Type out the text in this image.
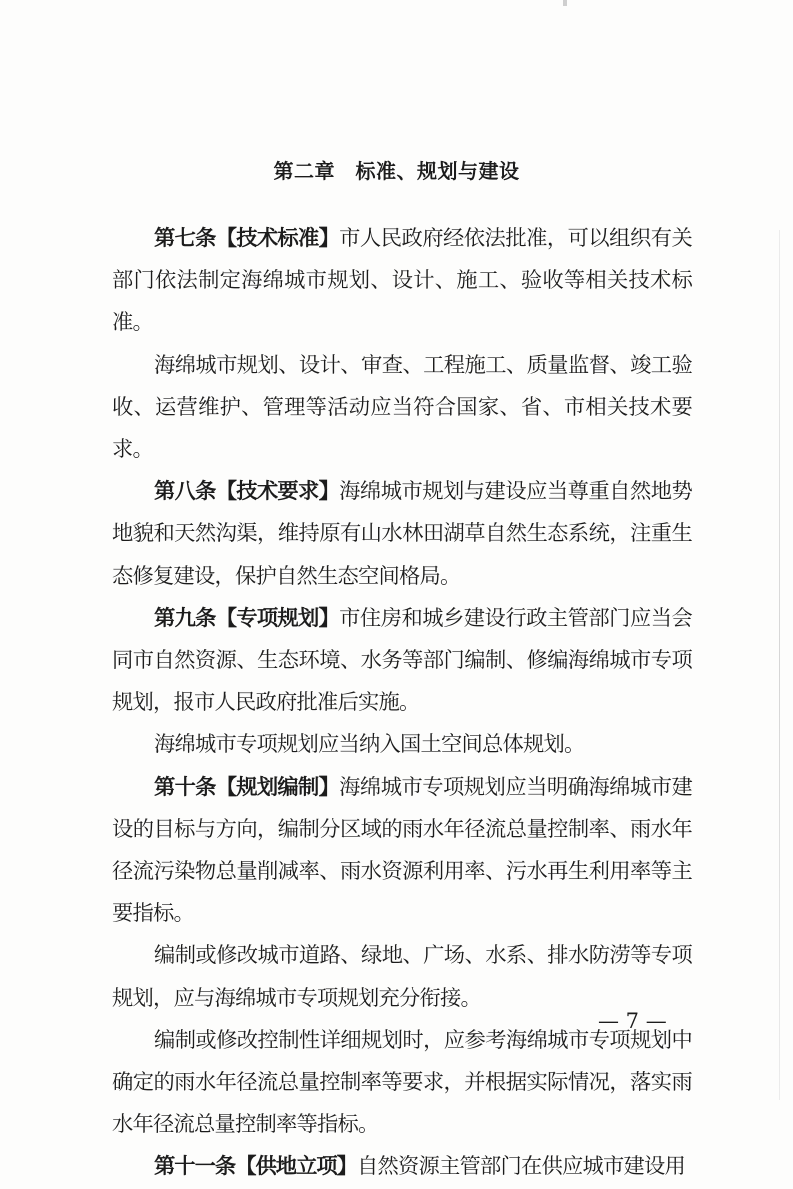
第二章　标准、规划与建设

第七条【技术标准】市人民政府经依法批准，可以组织有关部门依法制定海绵城市规划、设计、施工、验收等相关技术标准。

海绵城市规划、设计、审查、工程施工、质量监督、竣工验收、运营维护、管理等活动应当符合国家、省、市相关技术要求。

第八条【技术要求】海绵城市规划与建设应当尊重自然地势地貌和天然沟渠，维持原有山水林田湖草自然生态系统，注重生态修复建设，保护自然生态空间格局。

第九条【专项规划】市住房和城乡建设行政主管部门应当会同市自然资源、生态环境、水务等部门编制、修编海绵城市专项规划，报市人民政府批准后实施。

海绵城市专项规划应当纳入国土空间总体规划。

第十条【规划编制】海绵城市专项规划应当明确海绵城市建设的目标与方向，编制分区域的雨水年径流总量控制率、雨水年径流污染物总量削减率、雨水资源利用率、污水再生利用率等主要指标。

编制或修改城市道路、绿地、广场、水系、排水防涝等专项规划，应与海绵城市专项规划充分衔接。

编制或修改控制性详细规划时，应参考海绵城市专项规划中确定的雨水年径流总量控制率等要求，并根据实际情况，落实雨水年径流总量控制率等指标。

第十一条【供地立项】自然资源主管部门在供应城市建设用

— 7 —
